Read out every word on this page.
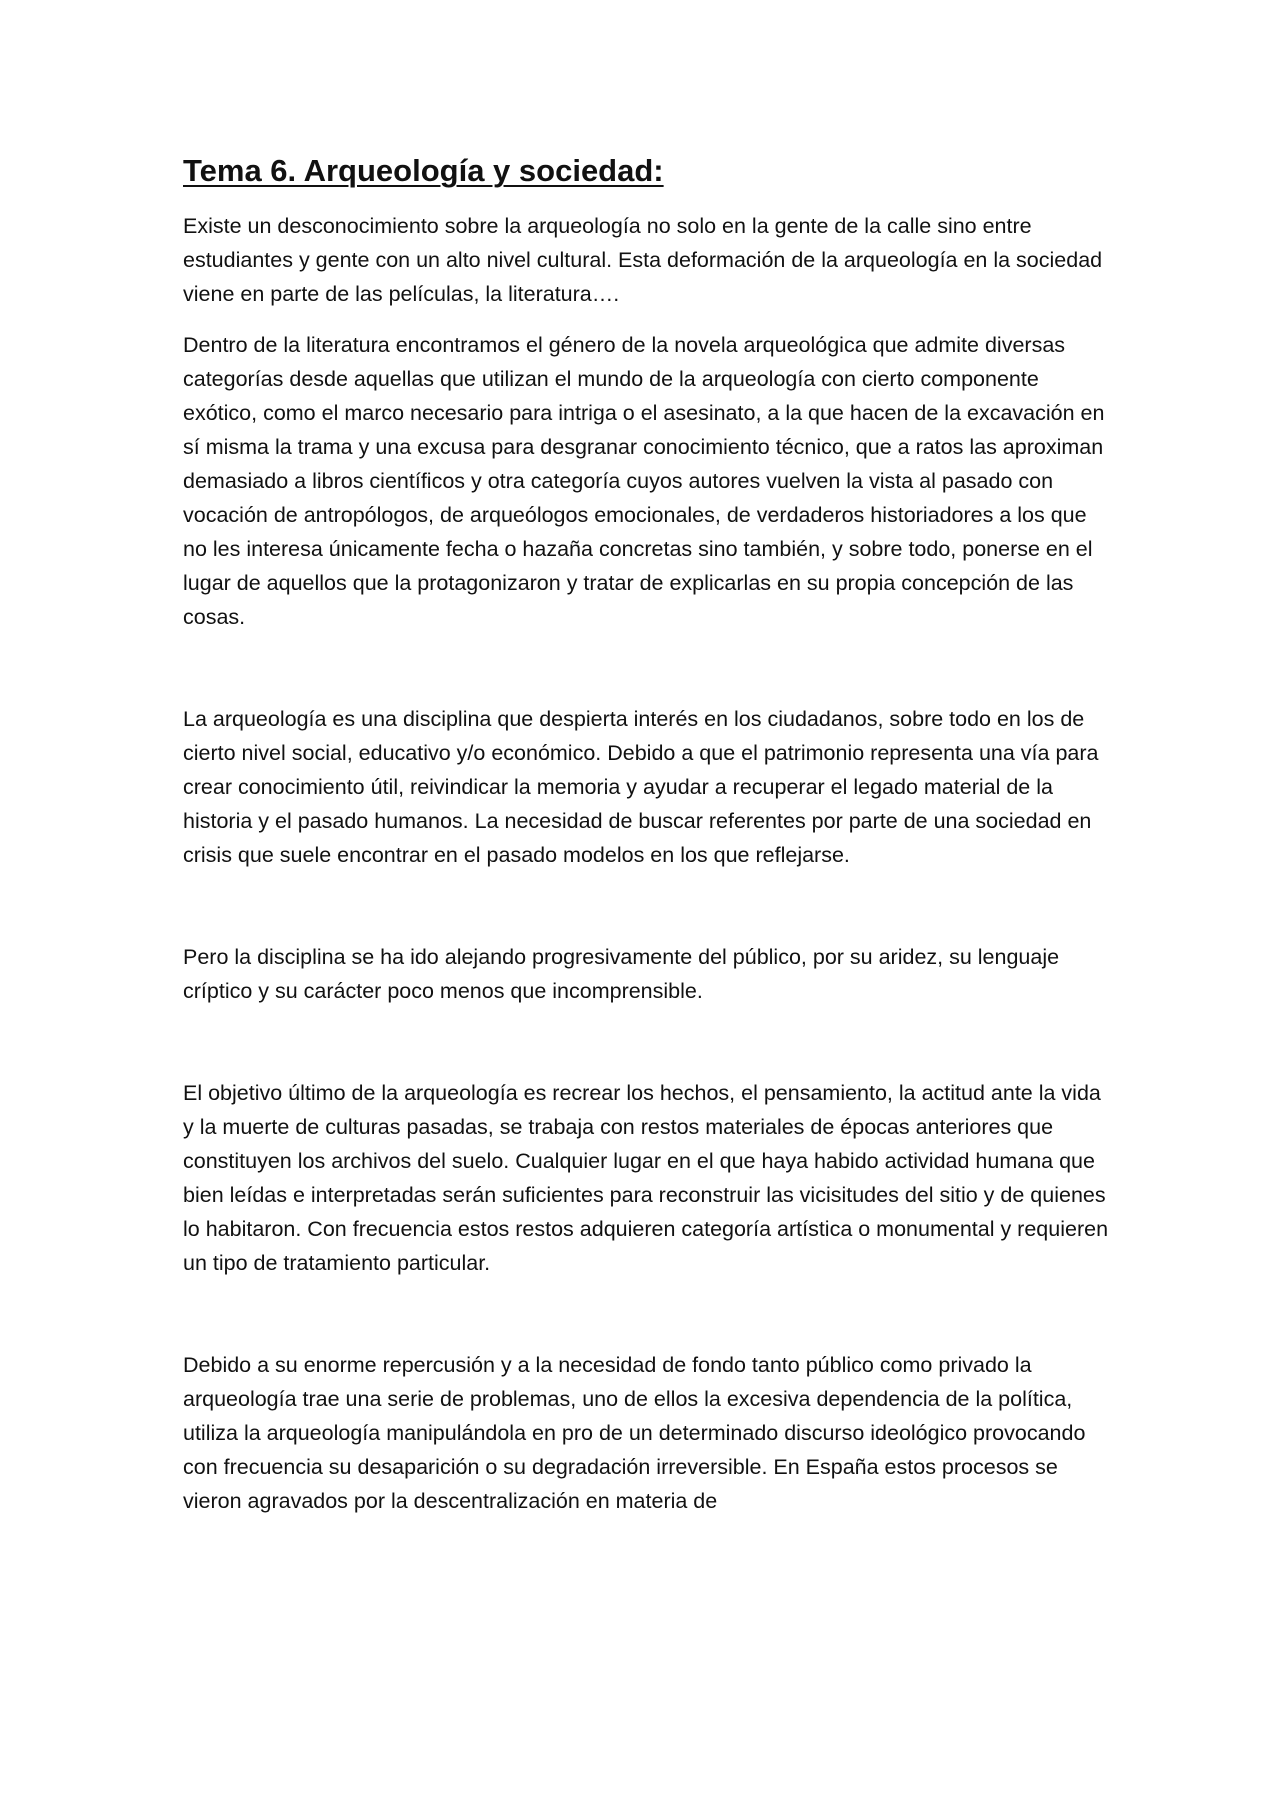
Tema 6. Arqueología y sociedad:

Existe un desconocimiento sobre la arqueología no solo en la gente de la calle sino entre estudiantes y gente con un alto nivel cultural. Esta deformación de la arqueología en la sociedad viene en parte de las películas, la literatura….

Dentro de la literatura encontramos el género de la novela arqueológica que admite diversas categorías desde aquellas que utilizan el mundo de la arqueología con cierto componente exótico, como el marco necesario para intriga o el asesinato, a la que hacen de la excavación en sí misma la trama y una excusa para desgranar conocimiento técnico, que a ratos las aproximan demasiado a libros científicos y otra categoría cuyos autores vuelven la vista al pasado con vocación de antropólogos, de arqueólogos emocionales, de verdaderos historiadores a los que no les interesa únicamente fecha o hazaña concretas sino también, y sobre todo, ponerse en el lugar de aquellos que la protagonizaron y tratar de explicarlas en su propia concepción de las cosas.

La arqueología es una disciplina que despierta interés en los ciudadanos, sobre todo en los de cierto nivel social, educativo y/o económico. Debido a que el patrimonio representa una vía para crear conocimiento útil, reivindicar la memoria y ayudar a recuperar el legado material de la historia y el pasado humanos. La necesidad de buscar referentes por parte de una sociedad en crisis que suele encontrar en el pasado modelos en los que reflejarse.

Pero la disciplina se ha ido alejando progresivamente del público, por su aridez, su lenguaje críptico y su carácter poco menos que incomprensible.

El objetivo último de la arqueología es recrear los hechos, el pensamiento, la actitud ante la vida y la muerte de culturas pasadas, se trabaja con restos materiales de épocas anteriores que constituyen los archivos del suelo. Cualquier lugar en el que haya habido actividad humana que bien leídas e interpretadas serán suficientes para reconstruir las vicisitudes del sitio y de quienes lo habitaron. Con frecuencia estos restos adquieren categoría artística o monumental y requieren un tipo de tratamiento particular.

Debido a su enorme repercusión y a la necesidad de fondo tanto público como privado la arqueología trae una serie de problemas, uno de ellos la excesiva dependencia de la política, utiliza la arqueología manipulándola en pro de un determinado discurso ideológico provocando con frecuencia su desaparición o su degradación irreversible. En España estos procesos se vieron agravados por la descentralización en materia de
